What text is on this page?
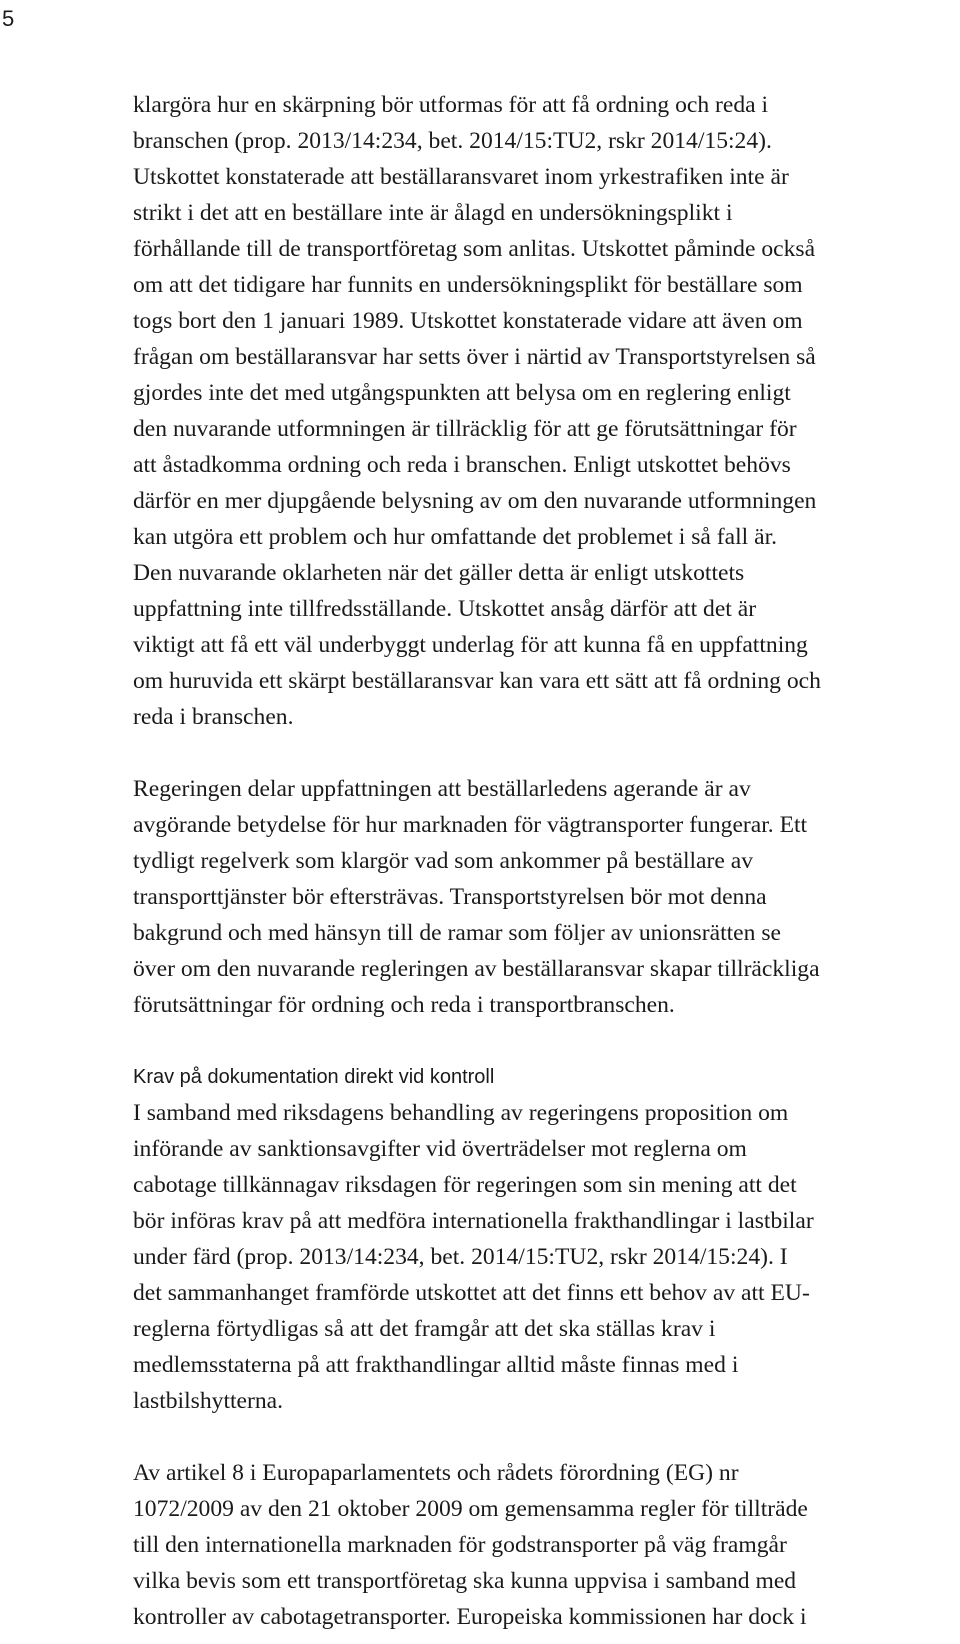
5
klargöra hur en skärpning bör utformas för att få ordning och reda i
branschen (prop. 2013/14:234, bet. 2014/15:TU2, rskr 2014/15:24).
Utskottet konstaterade att beställaransvaret inom yrkestrafiken inte är
strikt i det att en beställare inte är ålagd en undersökningsplikt i
förhållande till de transportföretag som anlitas. Utskottet påminde också
om att det tidigare har funnits en undersökningsplikt för beställare som
togs bort den 1 januari 1989. Utskottet konstaterade vidare att även om
frågan om beställaransvar har setts över i närtid av Transportstyrelsen så
gjordes inte det med utgångspunkten att belysa om en reglering enligt
den nuvarande utformningen är tillräcklig för att ge förutsättningar för
att åstadkomma ordning och reda i branschen. Enligt utskottet behövs
därför en mer djupgående belysning av om den nuvarande utformningen
kan utgöra ett problem och hur omfattande det problemet i så fall är.
Den nuvarande oklarheten när det gäller detta är enligt utskottets
uppfattning inte tillfredsställande. Utskottet ansåg därför att det är
viktigt att få ett väl underbyggt underlag för att kunna få en uppfattning
om huruvida ett skärpt beställaransvar kan vara ett sätt att få ordning och
reda i branschen.
Regeringen delar uppfattningen att beställarledens agerande är av
avgörande betydelse för hur marknaden för vägtransporter fungerar. Ett
tydligt regelverk som klargör vad som ankommer på beställare av
transporttjänster bör eftersträvas. Transportstyrelsen bör mot denna
bakgrund och med hänsyn till de ramar som följer av unionsrätten se
över om den nuvarande regleringen av beställaransvar skapar tillräckliga
förutsättningar för ordning och reda i transportbranschen.
Krav på dokumentation direkt vid kontroll
I samband med riksdagens behandling av regeringens proposition om
införande av sanktionsavgifter vid överträdelser mot reglerna om
cabotage tillkännagav riksdagen för regeringen som sin mening att det
bör införas krav på att medföra internationella frakthandlingar i lastbilar
under färd (prop. 2013/14:234, bet. 2014/15:TU2, rskr 2014/15:24). I
det sammanhanget framförde utskottet att det finns ett behov av att EU-
reglerna förtydligas så att det framgår att det ska ställas krav i
medlemsstaterna på att frakthandlingar alltid måste finnas med i
lastbilshytterna.
Av artikel 8 i Europaparlamentets och rådets förordning (EG) nr
1072/2009 av den 21 oktober 2009 om gemensamma regler för tillträde
till den internationella marknaden för godstransporter på väg framgår
vilka bevis som ett transportföretag ska kunna uppvisa i samband med
kontroller av cabotagetransporter. Europeiska kommissionen har dock i
